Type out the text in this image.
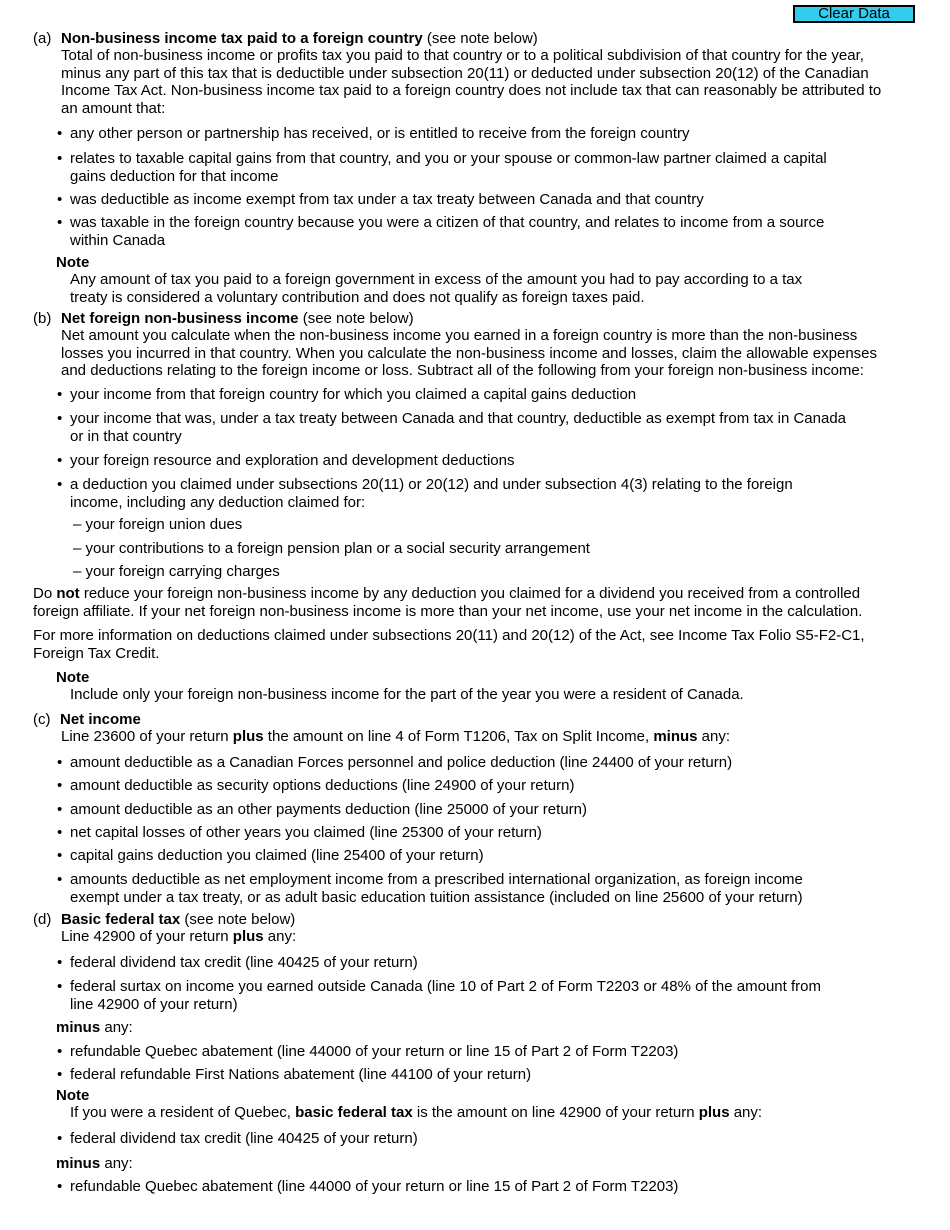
Clear Data
(a) Non-business income tax paid to a foreign country (see note below)
Total of non-business income or profits tax you paid to that country or to a political subdivision of that country for the year,
minus any part of this tax that is deductible under subsection 20(11) or deducted under subsection 20(12) of the Canadian
Income Tax Act. Non-business income tax paid to a foreign country does not include tax that can reasonably be attributed to
an amount that:
• any other person or partnership has received, or is entitled to receive from the foreign country
• relates to taxable capital gains from that country, and you or your spouse or common-law partner claimed a capital
gains deduction for that income
• was deductible as income exempt from tax under a tax treaty between Canada and that country
• was taxable in the foreign country because you were a citizen of that country, and relates to income from a source
within Canada
Note
Any amount of tax you paid to a foreign government in excess of the amount you had to pay according to a tax
treaty is considered a voluntary contribution and does not qualify as foreign taxes paid.
(b) Net foreign non-business income (see note below)
Net amount you calculate when the non-business income you earned in a foreign country is more than the non-business
losses you incurred in that country. When you calculate the non-business income and losses, claim the allowable expenses
and deductions relating to the foreign income or loss. Subtract all of the following from your foreign non-business income:
• your income from that foreign country for which you claimed a capital gains deduction
• your income that was, under a tax treaty between Canada and that country, deductible as exempt from tax in Canada
or in that country
• your foreign resource and exploration and development deductions
• a deduction you claimed under subsections 20(11) or 20(12) and under subsection 4(3) relating to the foreign
income, including any deduction claimed for:
– your foreign union dues
– your contributions to a foreign pension plan or a social security arrangement
– your foreign carrying charges
Do not reduce your foreign non-business income by any deduction you claimed for a dividend you received from a controlled
foreign affiliate. If your net foreign non-business income is more than your net income, use your net income in the calculation.
For more information on deductions claimed under subsections 20(11) and 20(12) of the Act, see Income Tax Folio S5-F2-C1,
Foreign Tax Credit.
Note
Include only your foreign non-business income for the part of the year you were a resident of Canada.
(c) Net income
Line 23600 of your return plus the amount on line 4 of Form T1206, Tax on Split Income, minus any:
• amount deductible as a Canadian Forces personnel and police deduction (line 24400 of your return)
• amount deductible as security options deductions (line 24900 of your return)
• amount deductible as an other payments deduction (line 25000 of your return)
• net capital losses of other years you claimed (line 25300 of your return)
• capital gains deduction you claimed (line 25400 of your return)
• amounts deductible as net employment income from a prescribed international organization, as foreign income
exempt under a tax treaty, or as adult basic education tuition assistance (included on line 25600 of your return)
(d) Basic federal tax (see note below)
Line 42900 of your return plus any:
• federal dividend tax credit (line 40425 of your return)
• federal surtax on income you earned outside Canada (line 10 of Part 2 of Form T2203 or 48% of the amount from
line 42900 of your return)
minus any:
• refundable Quebec abatement (line 44000 of your return or line 15 of Part 2 of Form T2203)
• federal refundable First Nations abatement (line 44100 of your return)
Note
If you were a resident of Quebec, basic federal tax is the amount on line 42900 of your return plus any:
• federal dividend tax credit (line 40425 of your return)
minus any:
• refundable Quebec abatement (line 44000 of your return or line 15 of Part 2 of Form T2203)
